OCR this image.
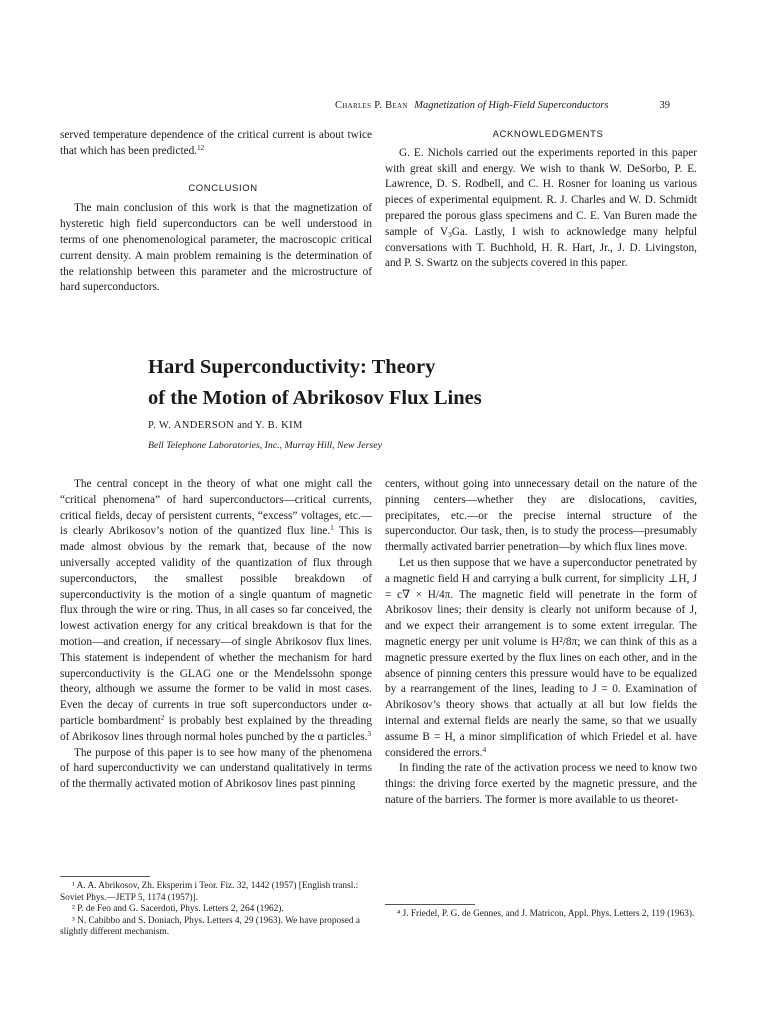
Charles P. Bean Magnetization of High-Field Superconductors	39

served temperature dependence of the critical current is about twice that which has been predicted.$^{12}$

CONCLUSION

The main conclusion of this work is that the magnetization of hysteretic high field superconductors can be well understood in terms of one phenomenological parameter, the macroscopic critical current density. A main problem remaining is the determination of the relationship between this parameter and the microstructure of hard superconductors.

ACKNOWLEDGMENTS

G. E. Nichols carried out the experiments reported in this paper with great skill and energy. We wish to thank W. DeSorbo, P. E. Lawrence, D. S. Rodbell, and C. H. Rosner for loaning us various pieces of experimental equipment. R. J. Charles and W. D. Schmidt prepared the porous glass specimens and C. E. Van Buren made the sample of $V_3Ga$. Lastly, I wish to acknowledge many helpful conversations with T. Buchhold, H. R. Hart, Jr., J. D. Livingston, and P. S. Swartz on the subjects covered in this paper.

Hard Superconductivity: Theory
of the Motion of Abrikosov Flux Lines
P. W. ANDERSON and Y. B. KIM
Bell Telephone Laboratories, Inc., Murray Hill, New Jersey

The central concept in the theory of what one might call the “critical phenomena” of hard superconductors—critical currents, critical fields, decay of persistent currents, “excess” voltages, etc.—is clearly Abrikosov’s notion of the quantized flux line.$^1$ This is made almost obvious by the remark that, because of the now universally accepted validity of the quantization of flux through superconductors, the smallest possible breakdown of superconductivity is the motion of a single quantum of magnetic flux through the wire or ring. Thus, in all cases so far conceived, the lowest activation energy for any critical breakdown is that for the motion—and creation, if necessary—of single Abrikosov flux lines. This statement is independent of whether the mechanism for hard superconductivity is the GLAG one or the Mendelssohn sponge theory, although we assume the former to be valid in most cases. Even the decay of currents in true soft superconductors under α-particle bombardment$^2$ is probably best explained by the threading of Abrikosov lines through normal holes punched by the α particles.$^3$

The purpose of this paper is to see how many of the phenomena of hard superconductivity we can understand qualitatively in terms of the thermally activated motion of Abrikosov lines past pinning

¹ A. A. Abrikosov, Zh. Eksperim i Teor. Fiz. 32, 1442 (1957) [English transl.: Soviet Phys.—JETP 5, 1174 (1957)].

² P. de Feo and G. Sacerdoti, Phys. Letters 2, 264 (1962).

³ N. Cabibbo and S. Doniach, Phys. Letters 4, 29 (1963). We have proposed a slightly different mechanism.

centers, without going into unnecessary detail on the nature of the pinning centers—whether they are dislocations, cavities, precipitates, etc.—or the precise internal structure of the superconductor. Our task, then, is to study the process—presumably thermally activated barrier penetration—by which flux lines move.

Let us then suppose that we have a superconductor penetrated by a magnetic field H and carrying a bulk current, for simplicity ⊥H, J = c∇ × H/4π. The magnetic field will penetrate in the form of Abrikosov lines; their density is clearly not uniform because of J, and we expect their arrangement is to some extent irregular. The magnetic energy per unit volume is H²/8π; we can think of this as a magnetic pressure exerted by the flux lines on each other, and in the absence of pinning centers this pressure would have to be equalized by a rearrangement of the lines, leading to J = 0. Examination of Abrikosov’s theory shows that actually at all but low fields the internal and external fields are nearly the same, so that we usually assume B = H, a minor simplification of which Friedel et al. have considered the errors.$^4$

In finding the rate of the activation process we need to know two things: the driving force exerted by the magnetic pressure, and the nature of the barriers. The former is more available to us theoret-

⁴ J. Friedel, P. G. de Gennes, and J. Matricon, Appl. Phys. Letters 2, 119 (1963).
